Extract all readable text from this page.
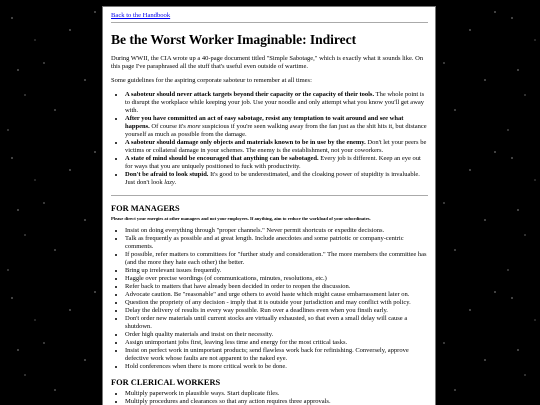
Back to the Handbook
Be the Worst Worker Imaginable: Indirect

During WWII, the CIA wrote up a 40-page document titled "Simple Sabotage," which is exactly what it sounds like. On this page I've paraphrased all the stuff that's useful even outside of wartime.

Some guidelines for the aspiring corporate saboteur to remember at all times:

• A saboteur should never attack targets beyond their capacity or the capacity of their tools. The whole point is to disrupt the workplace while keeping your job. Use your noodle and only attempt what you know you'll get away with.
• After you have committed an act of easy sabotage, resist any temptation to wait around and see what happens. Of course it's more suspicious if you're seen walking away from the fan just as the shit hits it, but distance yourself as much as possible from the damage.
• A saboteur should damage only objects and materials known to be in use by the enemy. Don't let your peers be victims or collateral damage in your schemes. The enemy is the establishment, not your coworkers.
• A state of mind should be encouraged that anything can be sabotaged. Every job is different. Keep an eye out for ways that you are uniquely positioned to fuck with productivity.
• Don't be afraid to look stupid. It's good to be underestimated, and the cloaking power of stupidity is invaluable. Just don't look lazy.
FOR MANAGERS
Please direct your energies at other managers and not your employees. If anything, aim to reduce the workload of your subordinates.
• Insist on doing everything through "proper channels." Never permit shortcuts or expedite decisions.
• Talk as frequently as possible and at great length. Include anecdotes and some patriotic or company-centric comments.
• If possible, refer matters to committees for "further study and consideration." The more members the committee has (and the more they hate each other) the better.
• Bring up irrelevant issues frequently.
• Haggle over precise wordings (of communications, minutes, resolutions, etc.)
• Refer back to matters that have already been decided in order to reopen the discussion.
• Advocate caution. Be "reasonable" and urge others to avoid haste which might cause embarrassment later on.
• Question the propriety of any decision - imply that it is outside your jurisdiction and may conflict with policy.
• Delay the delivery of results in every way possible. Run over a deadlines even when you finsih early.
• Don't order new materials until current stocks are virtually exhausted, so that even a small delay will cause a shutdown.
• Order high quality materials and insist on their necessity.
• Assign unimportant jobs first, leaving less time and energy for the most critical tasks.
• Insist on perfect work in unimportant products; send flawless work back for refinishing. Conversely, approve defective work whose faults are not apparent to the naked eye.
• Hold conferences when there is more critical work to be done.
FOR CLERICAL WORKERS
• Multiply paperwork in plausible ways. Start duplicate files.
• Multiply procedures and clearances so that any action requires three approvals.
